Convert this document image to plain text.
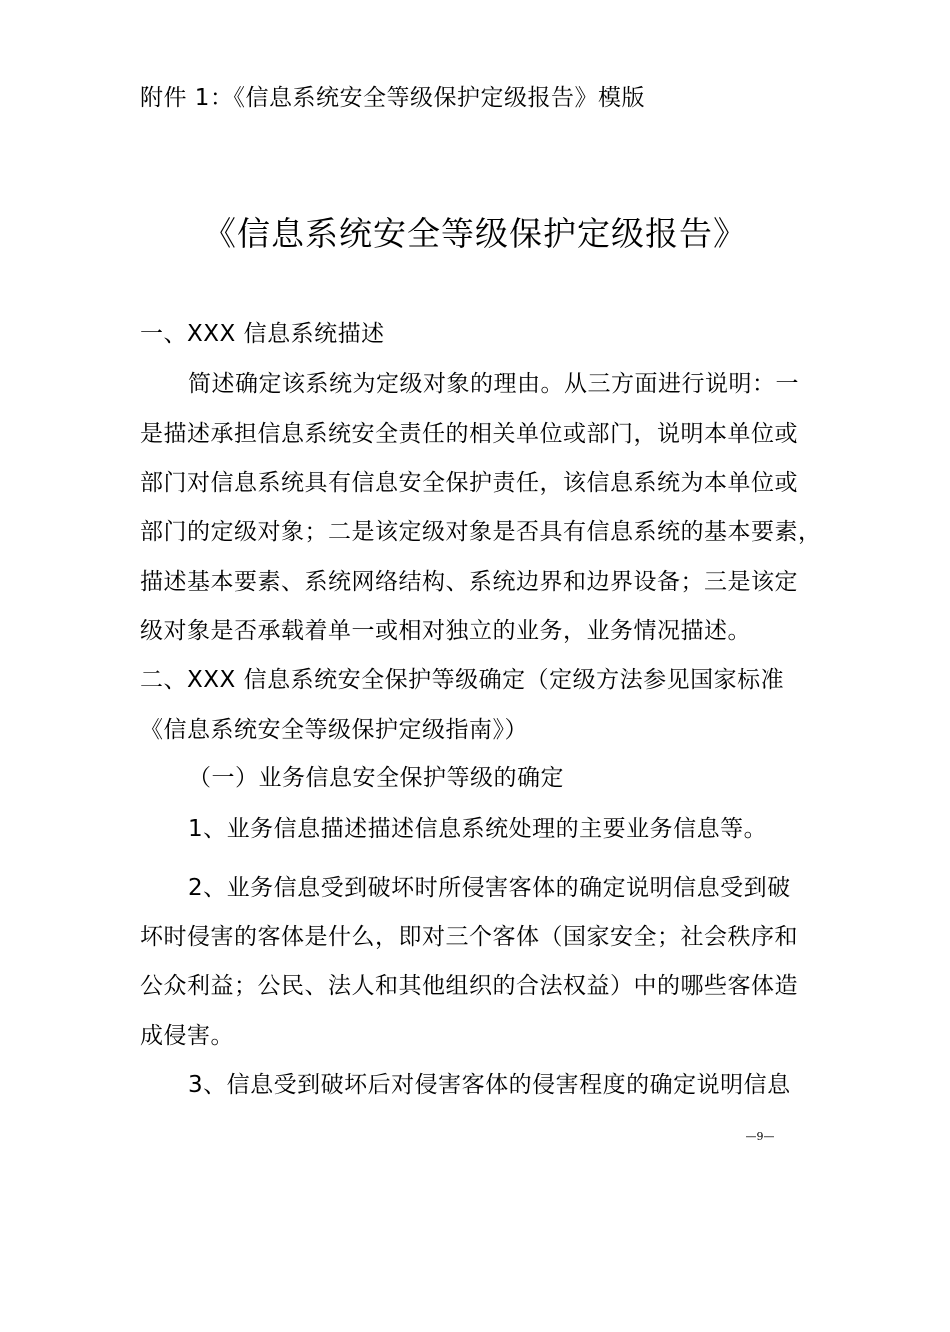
附件 1：《信息系统安全等级保护定级报告》模版
《信息系统安全等级保护定级报告》
一、XXX 信息系统描述
简述确定该系统为定级对象的理由。从三方面进行说明：一
是描述承担信息系统安全责任的相关单位或部门，说明本单位或
部门对信息系统具有信息安全保护责任，该信息系统为本单位或
部门的定级对象；二是该定级对象是否具有信息系统的基本要素，
描述基本要素、系统网络结构、系统边界和边界设备；三是该定
级对象是否承载着单一或相对独立的业务，业务情况描述。
二、XXX 信息系统安全保护等级确定（定级方法参见国家标准
《信息系统安全等级保护定级指南》）
（一）业务信息安全保护等级的确定
1、业务信息描述描述信息系统处理的主要业务信息等。
2、业务信息受到破坏时所侵害客体的确定说明信息受到破
坏时侵害的客体是什么，即对三个客体（国家安全；社会秩序和
公众利益；公民、法人和其他组织的合法权益）中的哪些客体造
成侵害。
3、信息受到破坏后对侵害客体的侵害程度的确定说明信息
—9—
